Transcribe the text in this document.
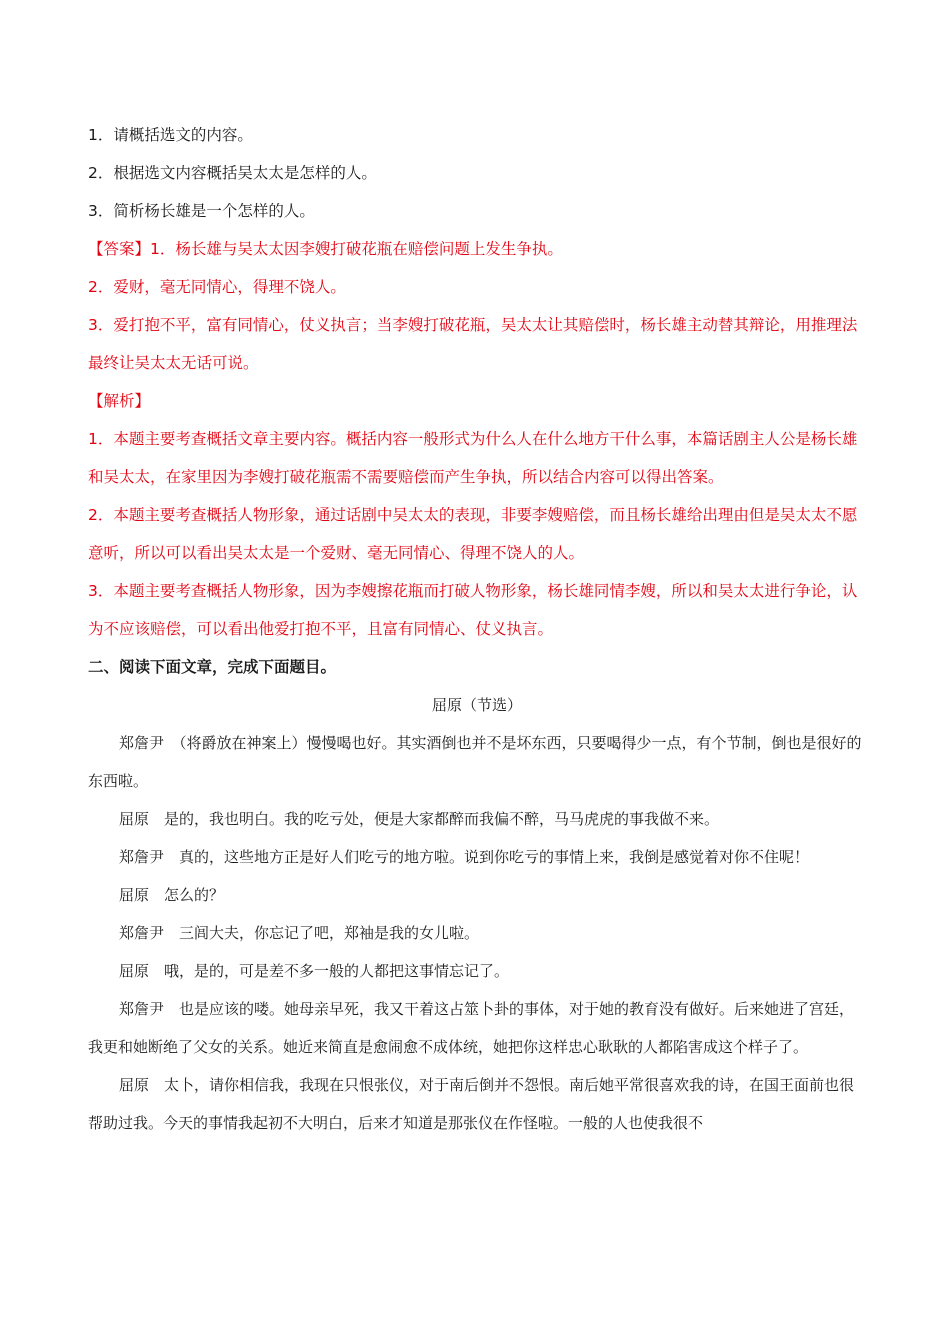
1．请概括选文的内容。

2．根据选文内容概括吴太太是怎样的人。

3．简析杨长雄是一个怎样的人。

【答案】1．杨长雄与吴太太因李嫂打破花瓶在赔偿问题上发生争执。

2．爱财，毫无同情心，得理不饶人。

3．爱打抱不平，富有同情心，仗义执言；当李嫂打破花瓶，吴太太让其赔偿时，杨长雄主动替其辩论，用推理法最终让吴太太无话可说。

【解析】

1．本题主要考查概括文章主要内容。概括内容一般形式为什么人在什么地方干什么事，本篇话剧主人公是杨长雄和吴太太，在家里因为李嫂打破花瓶需不需要赔偿而产生争执，所以结合内容可以得出答案。

2．本题主要考查概括人物形象，通过话剧中吴太太的表现，非要李嫂赔偿，而且杨长雄给出理由但是吴太太不愿意听，所以可以看出吴太太是一个爱财、毫无同情心、得理不饶人的人。

3．本题主要考查概括人物形象，因为李嫂擦花瓶而打破人物形象，杨长雄同情李嫂，所以和吴太太进行争论，认为不应该赔偿，可以看出他爱打抱不平，且富有同情心、仗义执言。

二、阅读下面文章，完成下面题目。

屈原（节选）

郑詹尹　（将爵放在神案上）慢慢喝也好。其实酒倒也并不是坏东西，只要喝得少一点，有个节制，倒也是很好的东西啦。

屈原　是的，我也明白。我的吃亏处，便是大家都醉而我偏不醉，马马虎虎的事我做不来。

郑詹尹　真的，这些地方正是好人们吃亏的地方啦。说到你吃亏的事情上来，我倒是感觉着对你不住呢！

屈原　怎么的？

郑詹尹　三闾大夫，你忘记了吧，郑袖是我的女儿啦。

屈原　哦，是的，可是差不多一般的人都把这事情忘记了。

郑詹尹　也是应该的喽。她母亲早死，我又干着这占筮卜卦的事体，对于她的教育没有做好。后来她进了宫廷，我更和她断绝了父女的关系。她近来简直是愈闹愈不成体统，她把你这样忠心耿耿的人都陷害成这个样子了。

屈原　太卜，请你相信我，我现在只恨张仪，对于南后倒并不怨恨。南后她平常很喜欢我的诗，在国王面前也很帮助过我。今天的事情我起初不大明白，后来才知道是那张仪在作怪啦。一般的人也使我很不
